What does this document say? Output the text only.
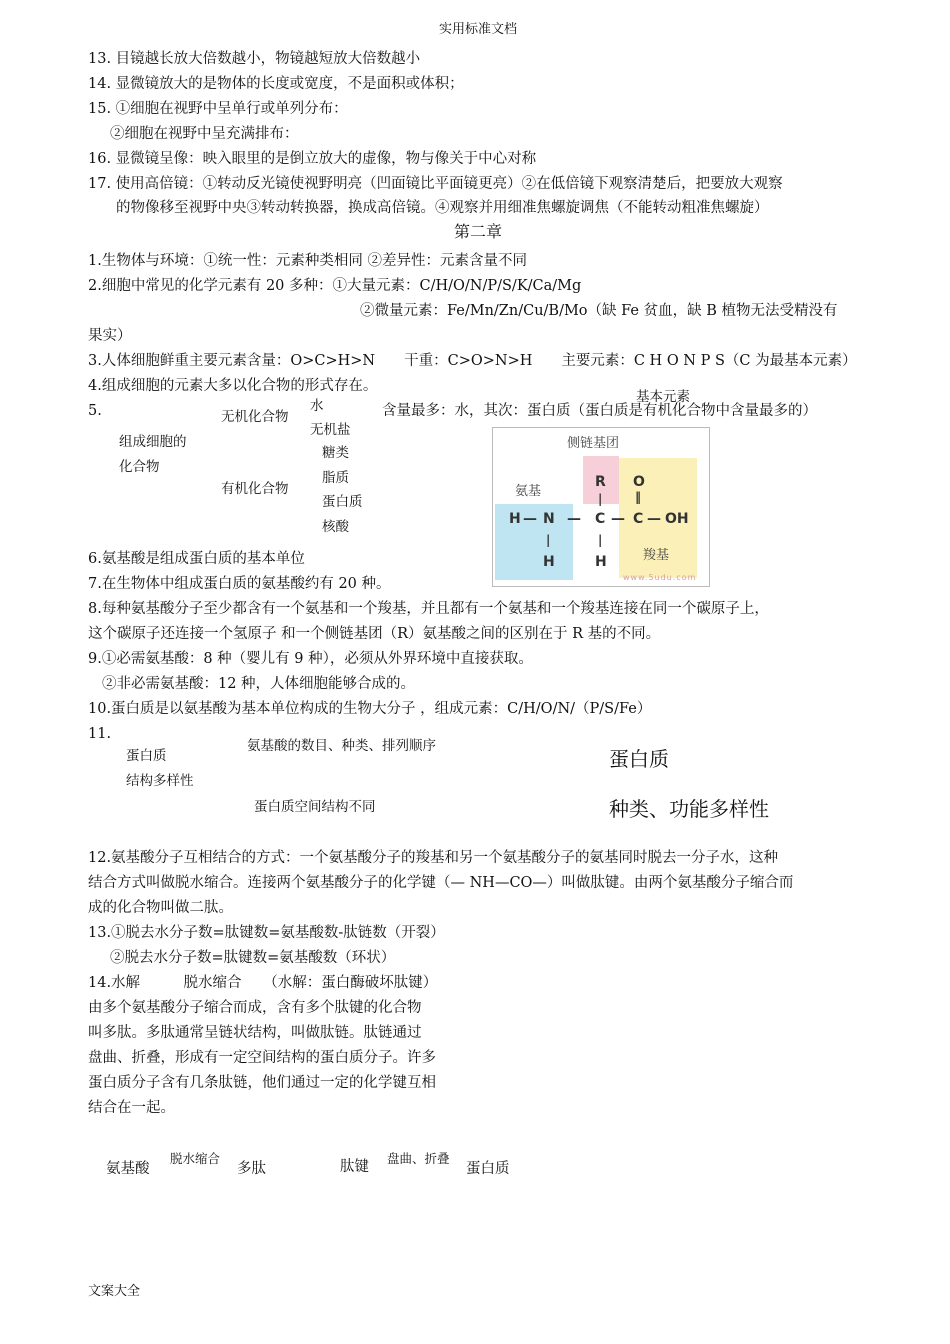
实用标准文档
13. 目镜越长放大倍数越小，物镜越短放大倍数越小
14. 显微镜放大的是物体的长度或宽度，不是面积或体积；
15. ①细胞在视野中呈单行或单列分布：
②细胞在视野中呈充满排布：
16. 显微镜呈像：映入眼里的是倒立放大的虚像，物与像关于中心对称
17. 使用高倍镜：①转动反光镜使视野明亮（凹面镜比平面镜更亮）②在低倍镜下观察清楚后，把要放大观察
的物像移至视野中央③转动转换器，换成高倍镜。④观察并用细准焦螺旋调焦（不能转动粗准焦螺旋）
第二章
1.生物体与环境：①统一性：元素种类相同 ②差异性：元素含量不同
2.细胞中常见的化学元素有 20 多种：①大量元素：C/H/O/N/P/S/K/Ca/Mg
②微量元素：Fe/Mn/Zn/Cu/B/Mo（缺 Fe 贫血，缺 B 植物无法受精没有
果实）
3.人体细胞鲜重主要元素含量：O>C>H>N　　干重：C>O>N>H　　主要元素：C H O N P S（C 为最基本元素）
4.组成细胞的元素大多以化合物的形式存在。
基本元素
5.	含量最多：水，其次：蛋白质（蛋白质是有机化合物中含量最多的）
组成细胞的
化合物
无机化合物
有机化合物
水
无机盐
糖类
脂质
蛋白质
核酸
侧链基团
氨基
羧基
R O
‖
|
H — N — C — C — OH
|	|
H	H
www.5udu.com
6.氨基酸是组成蛋白质的基本单位
7.在生物体中组成蛋白质的氨基酸约有 20 种。
8.每种氨基酸分子至少都含有一个氨基和一个羧基，并且都有一个氨基和一个羧基连接在同一个碳原子上，
这个碳原子还连接一个氢原子 和一个侧链基团（R）氨基酸之间的区别在于 R 基的不同。
9.①必需氨基酸：8 种（婴儿有 9 种），必须从外界环境中直接获取。
②非必需氨基酸：12 种，人体细胞能够合成的。
10.蛋白质是以氨基酸为基本单位构成的生物大分子 ，组成元素：C/H/O/N/（P/S/Fe）
11.
蛋白质
结构多样性
氨基酸的数目、种类、排列顺序
蛋白质空间结构不同
蛋白质
种类、功能多样性
12.氨基酸分子互相结合的方式：一个氨基酸分子的羧基和另一个氨基酸分子的氨基同时脱去一分子水，这种
结合方式叫做脱水缩合。连接两个氨基酸分子的化学键（— NH—CO—）叫做肽键。由两个氨基酸分子缩合而
成的化合物叫做二肽。
13.①脱去水分子数=肽键数=氨基酸数-肽链数（开裂）
②脱去水分子数=肽键数=氨基酸数（环状）
14.水解　　　脱水缩合　　（水解：蛋白酶破坏肽键）
由多个氨基酸分子缩合而成，含有多个肽键的化合物
叫多肽。多肽通常呈链状结构，叫做肽链。肽链通过
盘曲、折叠，形成有一定空间结构的蛋白质分子。许多
蛋白质分子含有几条肽链，他们通过一定的化学键互相
结合在一起。
氨基酸
脱水缩合
多肽	肽键
盘曲、折叠
蛋白质
文案大全
